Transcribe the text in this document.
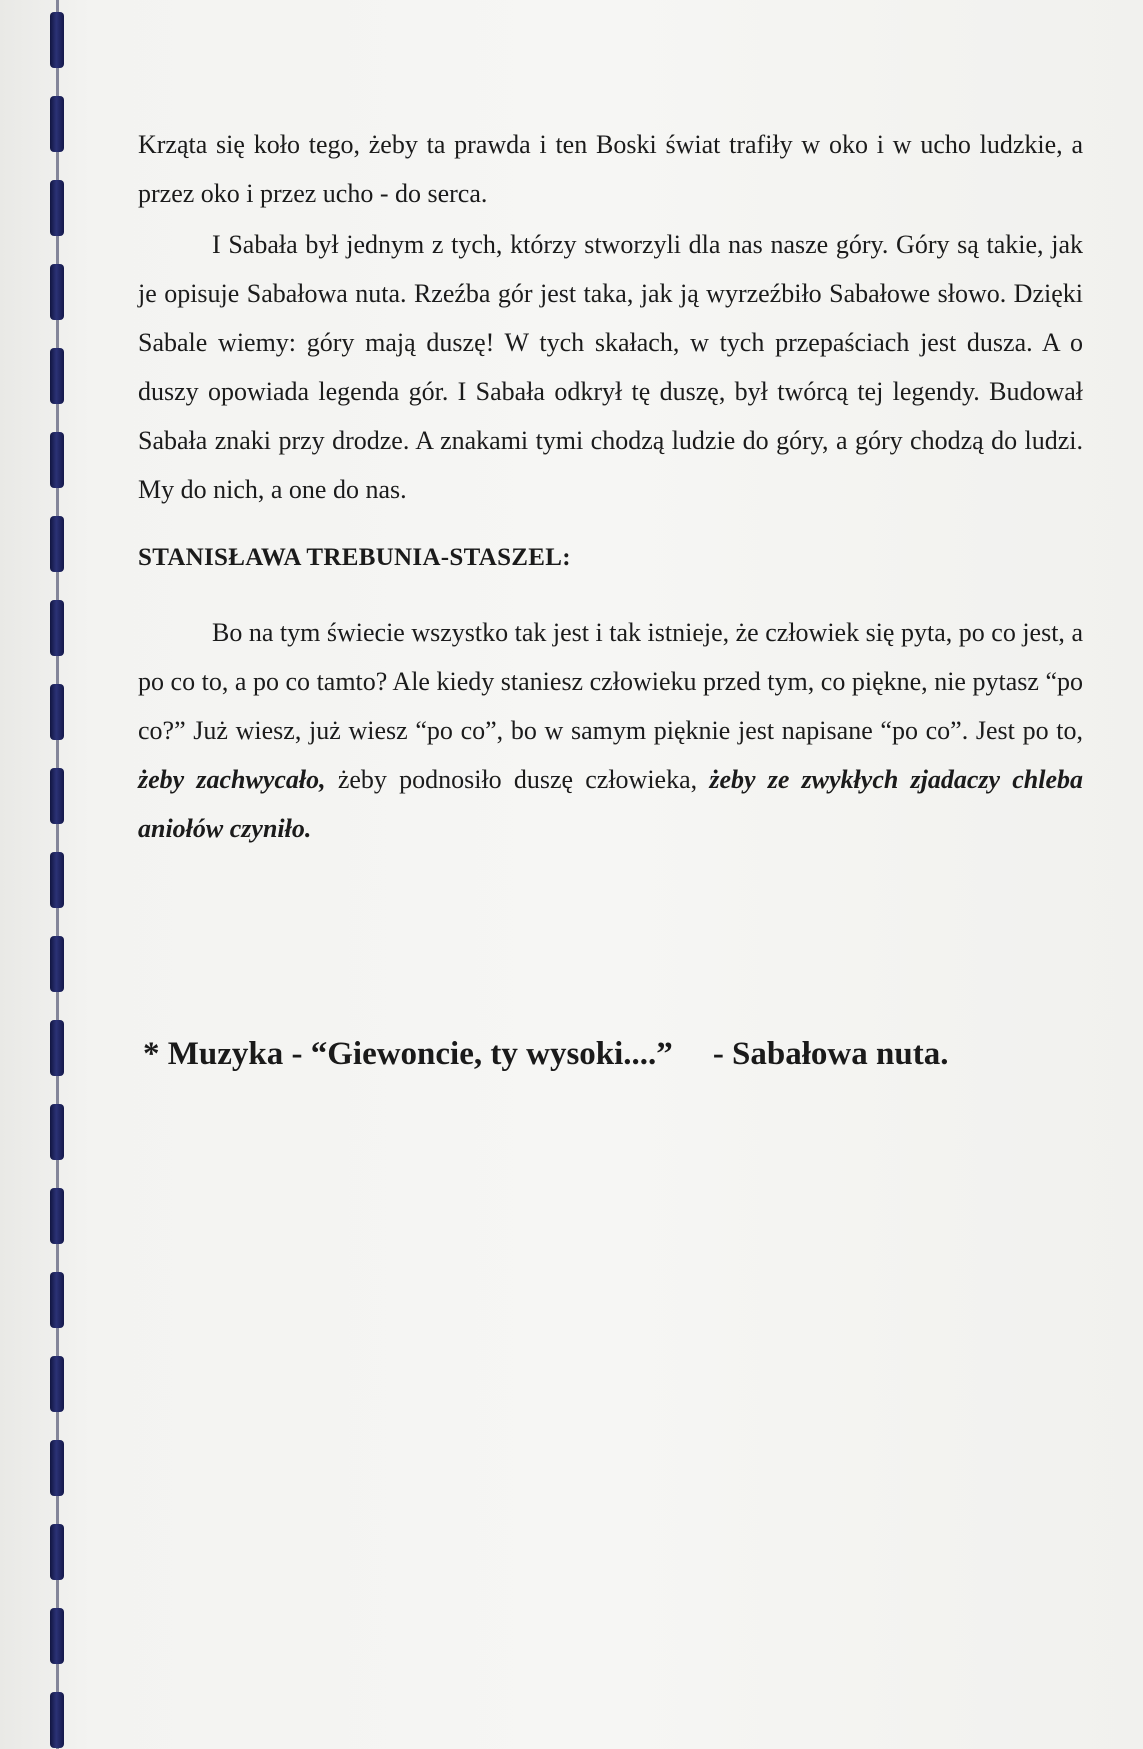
Krząta się koło tego, żeby ta prawda i ten Boski świat trafiły w oko i w ucho ludzkie, a przez oko i przez ucho - do serca.

I Sabała był jednym z tych, którzy stworzyli dla nas nasze góry. Góry są takie, jak je opisuje Sabałowa nuta. Rzeźba gór jest taka, jak ją wyrzeźbiło Sabałowe słowo. Dzięki Sabale wiemy: góry mają duszę! W tych skałach, w tych przepaściach jest dusza. A o duszy opowiada legenda gór. I Sabała odkrył tę duszę, był twórcą tej legendy. Budował Sabała znaki przy drodze. A znakami tymi chodzą ludzie do góry, a góry chodzą do ludzi. My do nich, a one do nas.

STANISŁAWA TREBUNIA-STASZEL:

Bo na tym świecie wszystko tak jest i tak istnieje, że człowiek się pyta, po co jest, a po co to, a po co tamto? Ale kiedy staniesz człowieku przed tym, co piękne, nie pytasz “po co?” Już wiesz, już wiesz “po co”, bo w samym pięknie jest napisane “po co”. Jest po to, żeby zachwycało, żeby podnosiło duszę człowieka, żeby ze zwykłych zjadaczy chleba aniołów czyniło.

* Muzyka - “Giewoncie, ty wysoki....” - Sabałowa nuta.
